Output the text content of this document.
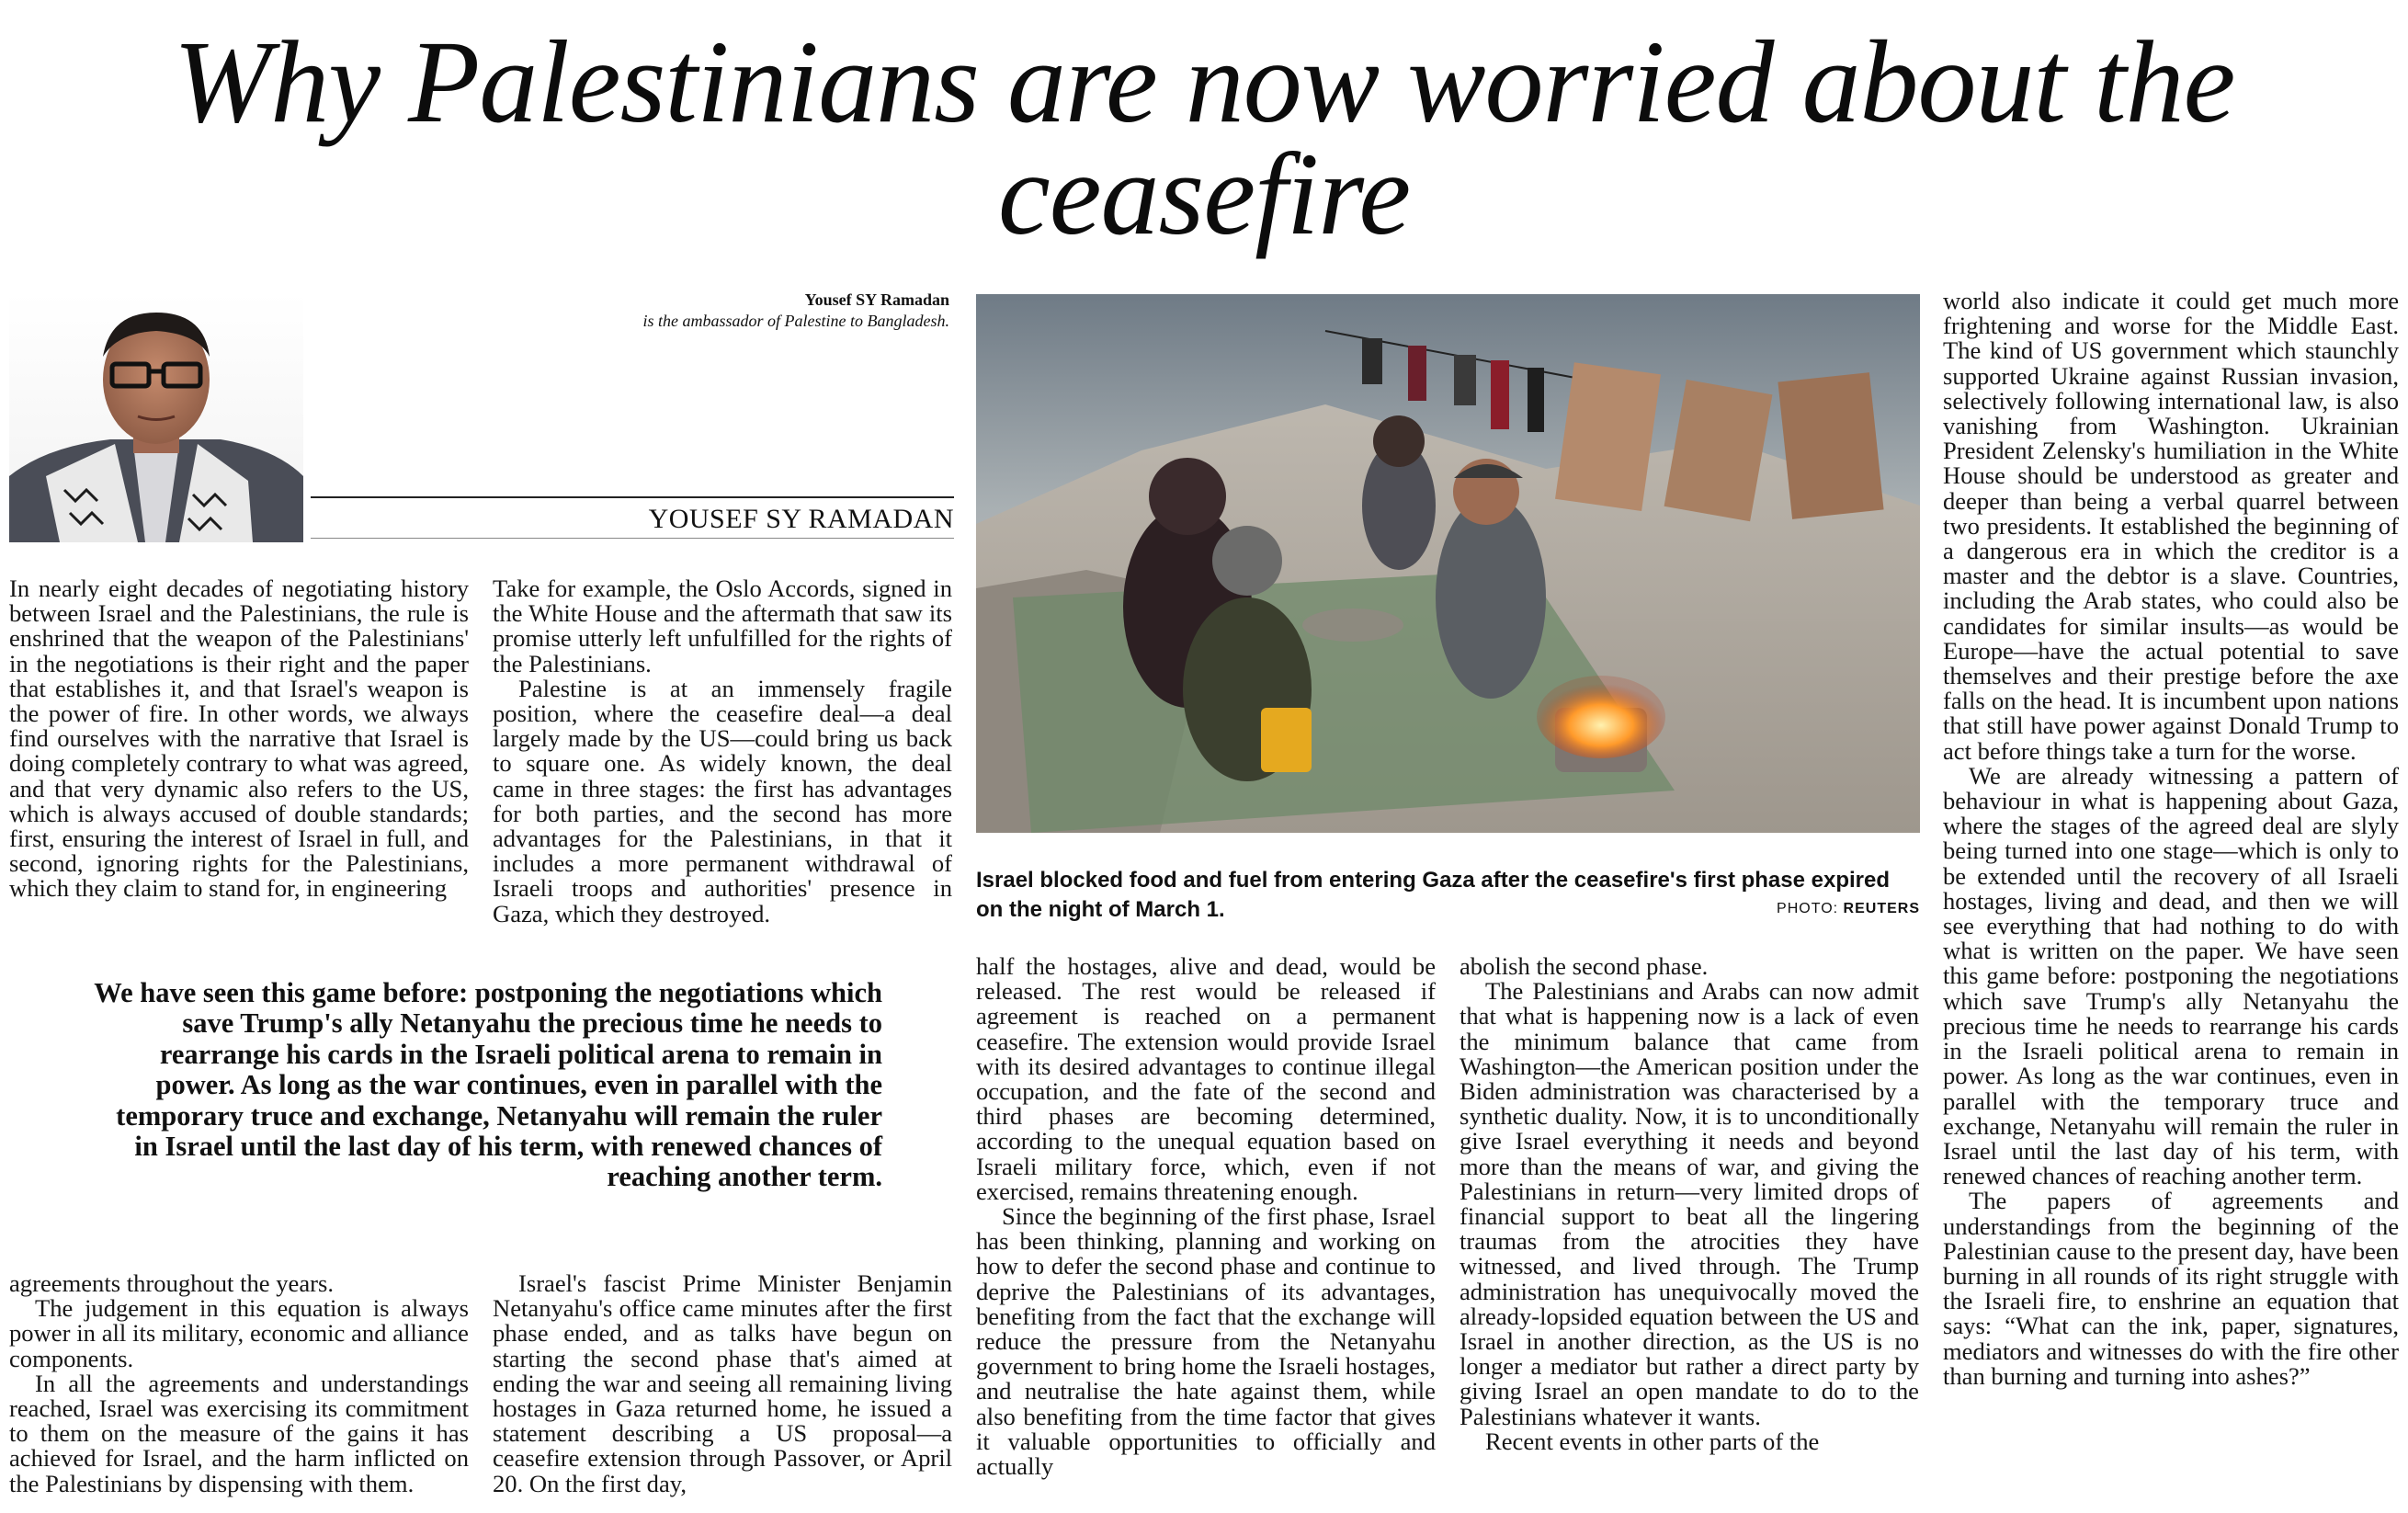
Why Palestinians are now worried about the ceasefire
Yousef SY Ramadan
is the ambassador of Palestine to Bangladesh.
YOUSEF SY RAMADAN

Israel blocked food and fuel from entering Gaza after the ceasefire's first phase expired on the night of March 1.	PHOTO: REUTERS

In nearly eight decades of negotiating history between Israel and the Palestinians, the rule is enshrined that the weapon of the Palestinians' in the negotiations is their right and the paper that establishes it, and that Israel's weapon is the power of fire. In other words, we always find ourselves with the narrative that Israel is doing completely contrary to what was agreed, and that very dynamic also refers to the US, which is always accused of double standards; first, ensuring the interest of Israel in full, and second, ignoring rights for the Palestinians, which they claim to stand for, in engineering

Take for example, the Oslo Accords, signed in the White House and the aftermath that saw its promise utterly left unfulfilled for the rights of the Palestinians.

Palestine is at an immensely fragile position, where the ceasefire deal—a deal largely made by the US—could bring us back to square one. As widely known, the deal came in three stages: the first has advantages for both parties, and the second has more advantages for the Palestinians, in that it includes a more permanent withdrawal of Israeli troops and authorities' presence in Gaza, which they destroyed.

We have seen this game before: postponing the negotiations which save Trump's ally Netanyahu the precious time he needs to rearrange his cards in the Israeli political arena to remain in power. As long as the war continues, even in parallel with the temporary truce and exchange, Netanyahu will remain the ruler in Israel until the last day of his term, with renewed chances of reaching another term.

agreements throughout the years.

The judgement in this equation is always power in all its military, economic and alliance components.

In all the agreements and understandings reached, Israel was exercising its commitment to them on the measure of the gains it has achieved for Israel, and the harm inflicted on the Palestinians by dispensing with them.

Israel's fascist Prime Minister Benjamin Netanyahu's office came minutes after the first phase ended, and as talks have begun on starting the second phase that's aimed at ending the war and seeing all remaining living hostages in Gaza returned home, he issued a statement describing a US proposal—a ceasefire extension through Passover, or April 20. On the first day,

half the hostages, alive and dead, would be released. The rest would be released if agreement is reached on a permanent ceasefire. The extension would provide Israel with its desired advantages to continue illegal occupation, and the fate of the second and third phases are becoming determined, according to the unequal equation based on Israeli military force, which, even if not exercised, remains threatening enough.

Since the beginning of the first phase, Israel has been thinking, planning and working on how to defer the second phase and continue to deprive the Palestinians of its advantages, benefiting from the fact that the exchange will reduce the pressure from the Netanyahu government to bring home the Israeli hostages, and neutralise the hate against them, while also benefiting from the time factor that gives it valuable opportunities to officially and actually

abolish the second phase.

The Palestinians and Arabs can now admit that what is happening now is a lack of even the minimum balance that came from Washington—the American position under the Biden administration was characterised by a synthetic duality. Now, it is to unconditionally give Israel everything it needs and beyond more than the means of war, and giving the Palestinians in return—very limited drops of financial support to beat all the lingering traumas from the atrocities they have witnessed, and lived through. The Trump administration has unequivocally moved the already-lopsided equation between the US and Israel in another direction, as the US is no longer a mediator but rather a direct party by giving Israel an open mandate to do to the Palestinians whatever it wants.

Recent events in other parts of the

world also indicate it could get much more frightening and worse for the Middle East. The kind of US government which staunchly supported Ukraine against Russian invasion, selectively following international law, is also vanishing from Washington. Ukrainian President Zelensky's humiliation in the White House should be understood as greater and deeper than being a verbal quarrel between two presidents. It established the beginning of a dangerous era in which the creditor is a master and the debtor is a slave. Countries, including the Arab states, who could also be candidates for similar insults—as would be Europe—have the actual potential to save themselves and their prestige before the axe falls on the head. It is incumbent upon nations that still have power against Donald Trump to act before things take a turn for the worse.

We are already witnessing a pattern of behaviour in what is happening about Gaza, where the stages of the agreed deal are slyly being turned into one stage—which is only to be extended until the recovery of all Israeli hostages, living and dead, and then we will see everything that had nothing to do with what is written on the paper. We have seen this game before: postponing the negotiations which save Trump's ally Netanyahu the precious time he needs to rearrange his cards in the Israeli political arena to remain in power. As long as the war continues, even in parallel with the temporary truce and exchange, Netanyahu will remain the ruler in Israel until the last day of his term, with renewed chances of reaching another term.

The papers of agreements and understandings from the beginning of the Palestinian cause to the present day, have been burning in all rounds of its right struggle with the Israeli fire, to enshrine an equation that says: “What can the ink, paper, signatures, mediators and witnesses do with the fire other than burning and turning into ashes?”
